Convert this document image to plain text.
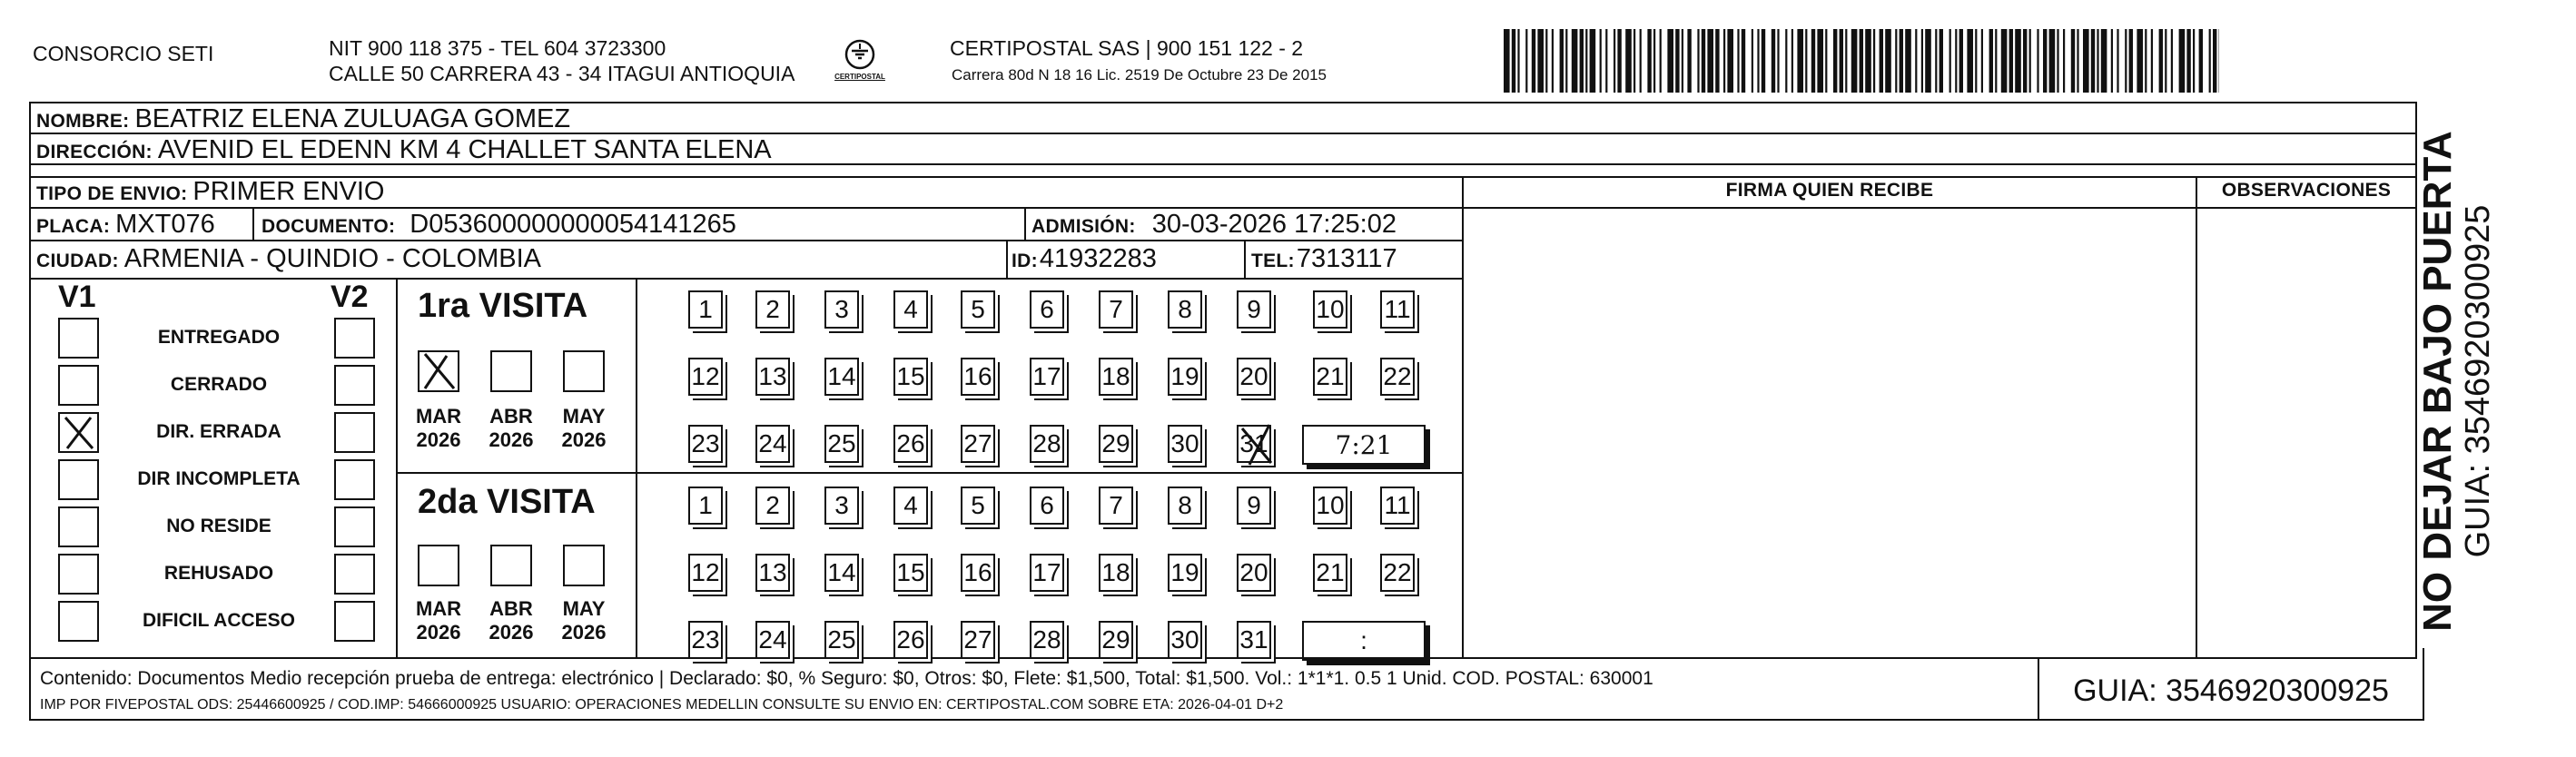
CONSORCIO SETI	NIT 900 118 375 - TEL 604 3723300
CALLE 50 CARRERA 43 - 34 ITAGUI ANTIOQUIA	CERTIPOSTAL
CERTIPOSTAL SAS | 900 151 122 - 2
Carrera 80d N 18 16 Lic. 2519 De Octubre 23 De 2015
NOMBRE: BEATRIZ ELENA ZULUAGA GOMEZ
DIRECCIÓN: AVENID EL EDENN KM 4 CHALLET SANTA ELENA
TIPO DE ENVIO: PRIMER ENVIO
PLACA: MXT076 DOCUMENTO: D053600000000054141265	ADMISIÓN: 30-03-2026 17:25:02
CIUDAD: ARMENIA - QUINDIO - COLOMBIA	ID: 41932283	TEL: 7313117
FIRMA QUIEN RECIBE	OBSERVACIONES
V1	V2
ENTREGADO
CERRADO
DIR. ERRADA
DIR INCOMPLETA
NO RESIDE
REHUSADO
DIFICIL ACCESO
1ra VISITA
MAR
2026
ABR
2026
MAY
2026
1	2	3	4	5	6	7	8	9	10 11
12 13 14 15 16 17 18 19 20 21 22
23 24 25 26 27 28 29 30 31	7:21
2da VISITA
MAR
2026
ABR
2026
MAY
2026
1	2	3	4	5	6	7	8	9	10 11
12 13 14 15 16 17 18 19 20 21 22
23 24 25 26 27 28 29 30 31	:
Contenido: Documentos Medio recepción prueba de entrega: electrónico | Declarado: $0, % Seguro: $0, Otros: $0, Flete: $1,500, Total: $1,500. Vol.: 1*1*1. 0.5 1 Unid. COD. POSTAL: 630001
IMP POR FIVEPOSTAL ODS: 25446600925 / COD.IMP: 54666000925 USUARIO: OPERACIONES MEDELLIN CONSULTE SU ENVIO EN: CERTIPOSTAL.COM SOBRE ETA: 2026-04-01 D+2	GUIA: 3546920300925
NO DEJAR BAJO PUERTA GUIA: 3546920300925
